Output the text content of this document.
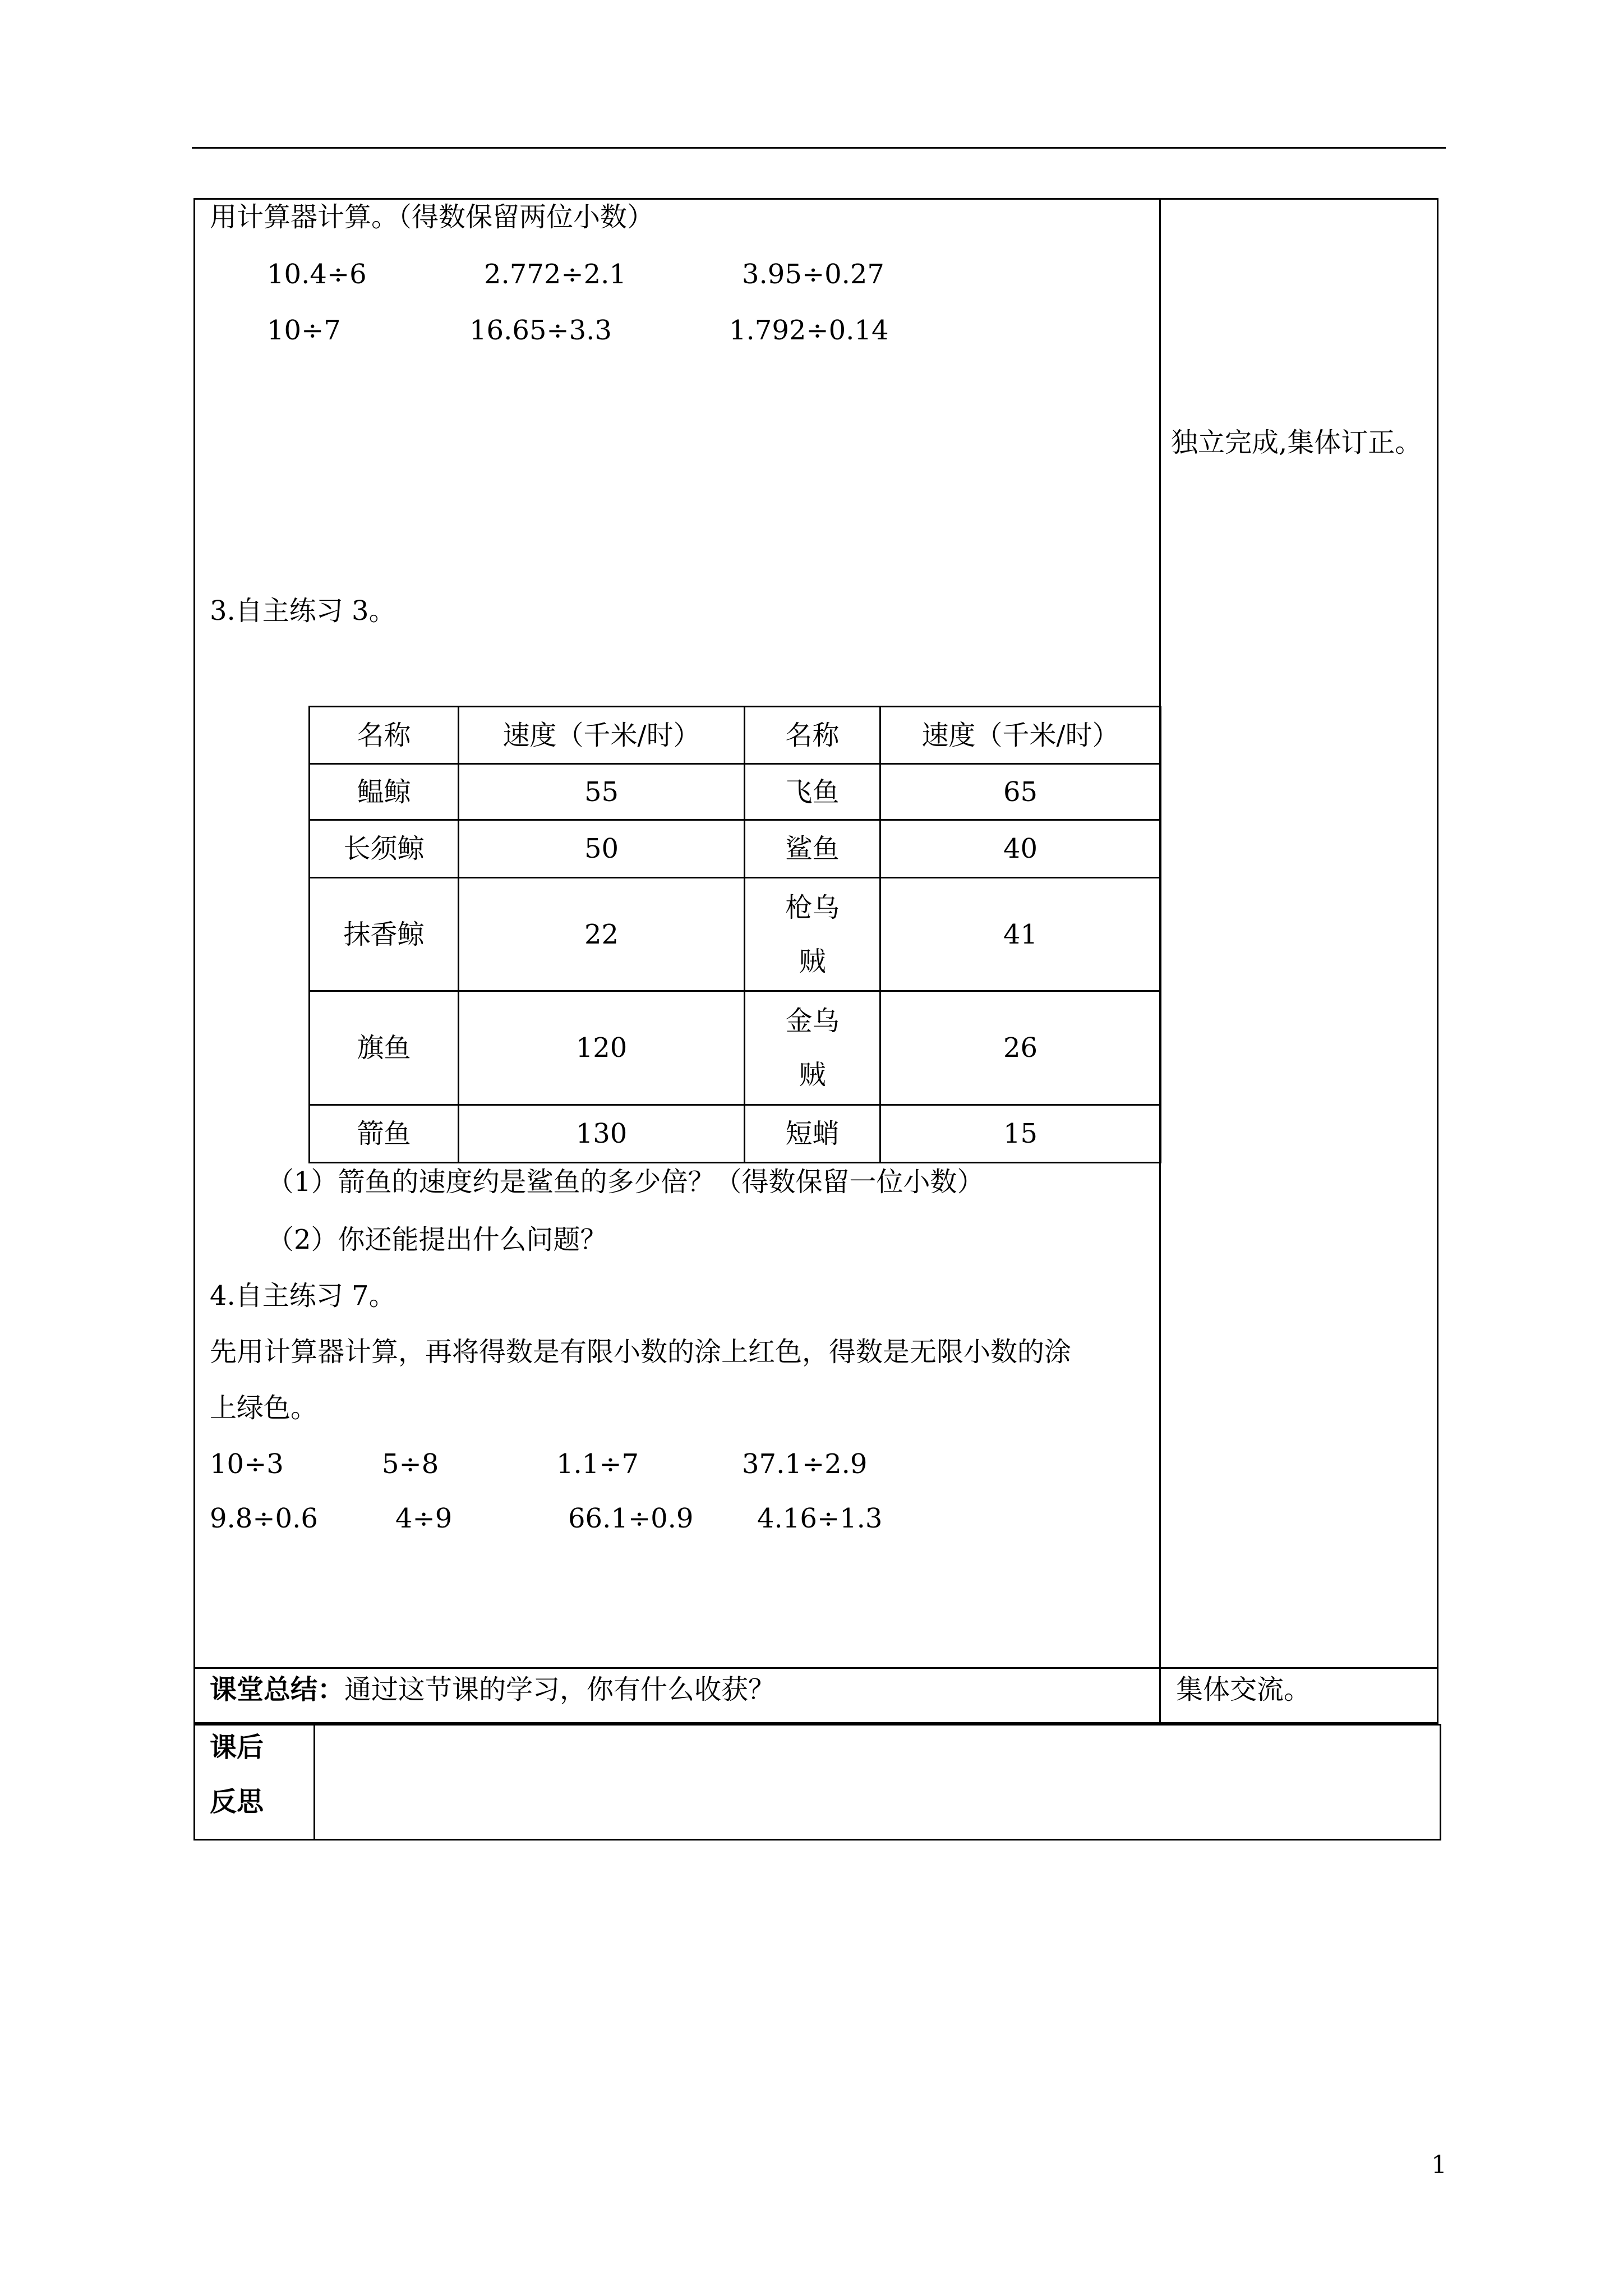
用计算器计算。（得数保留两位小数）
10.4÷6	2.772÷2.1	3.95÷0.27
10÷7	16.65÷3.3	1.792÷0.14
独立完成,集体订正。
3.自主练习 3。
名称	速度（千米/时）	名称	速度（千米/时）
鳁鲸	55	飞鱼	65
长须鲸	50	鲨鱼	40
抹香鲸	22	枪乌贼	41
旗鱼	120	金乌贼	26
箭鱼	130	短蛸	15
（1）箭鱼的速度约是鲨鱼的多少倍？（得数保留一位小数）
（2）你还能提出什么问题？
4.自主练习 7。
先用计算器计算，再将得数是有限小数的涂上红色，得数是无限小数的涂
上绿色。
10÷3	5÷8	1.1÷7	37.1÷2.9
9.8÷0.6	4÷9	66.1÷0.9 4.16÷1.3
课堂总结：通过这节课的学习，你有什么收获？	集体交流。
课后
反思
1
